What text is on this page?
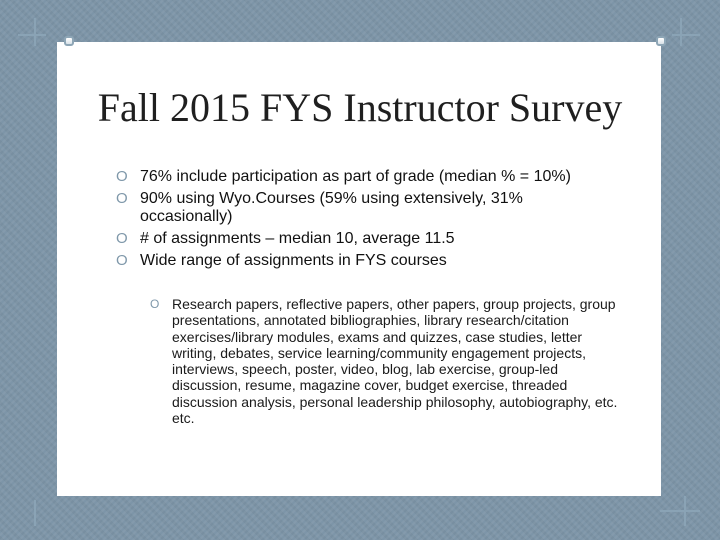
Fall 2015 FYS Instructor Survey
O 76% include participation as part of grade (median % = 10%)
O 90% using Wyo.Courses (59% using extensively, 31% occasionally)
O # of assignments – median 10, average 11.5
O Wide range of assignments in FYS courses
O Research papers, reflective papers, other papers, group projects, group presentations, annotated bibliographies, library research/citation exercises/library modules, exams and quizzes, case studies, letter writing, debates, service learning/community engagement projects, interviews, speech, poster, video, blog, lab exercise, group-led discussion, resume, magazine cover, budget exercise, threaded discussion analysis, personal leadership philosophy, autobiography, etc. etc.
